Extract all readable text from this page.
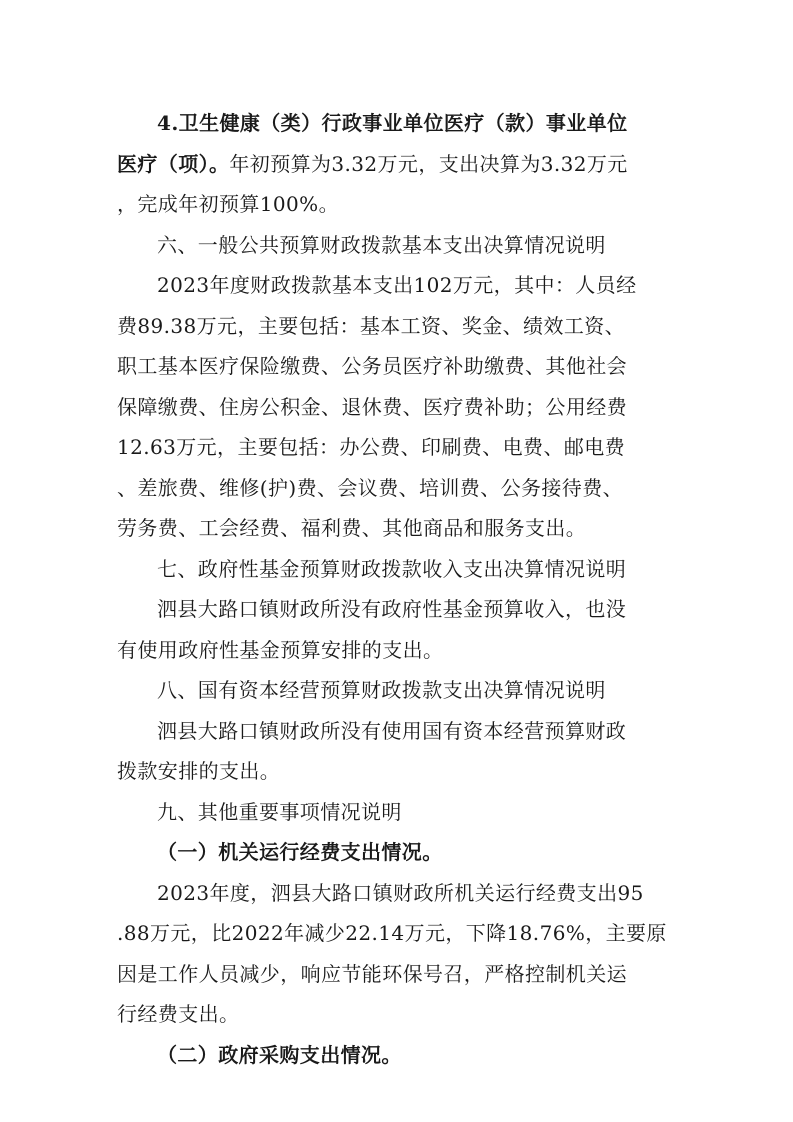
4.卫生健康（类）行政事业单位医疗（款）事业单位
医疗（项）。年初预算为3.32万元，支出决算为3.32万元
，完成年初预算100%。
六、一般公共预算财政拨款基本支出决算情况说明
2023年度财政拨款基本支出102万元，其中：人员经
费89.38万元，主要包括：基本工资、奖金、绩效工资、
职工基本医疗保险缴费、公务员医疗补助缴费、其他社会
保障缴费、住房公积金、退休费、医疗费补助；公用经费
12.63万元，主要包括：办公费、印刷费、电费、邮电费
、差旅费、维修(护)费、会议费、培训费、公务接待费、
劳务费、工会经费、福利费、其他商品和服务支出。
七、政府性基金预算财政拨款收入支出决算情况说明
泗县大路口镇财政所没有政府性基金预算收入，也没
有使用政府性基金预算安排的支出。
八、国有资本经营预算财政拨款支出决算情况说明
泗县大路口镇财政所没有使用国有资本经营预算财政
拨款安排的支出。
九、其他重要事项情况说明
（一）机关运行经费支出情况。
2023年度，泗县大路口镇财政所机关运行经费支出95
.88万元，比2022年减少22.14万元，下降18.76%，主要原
因是工作人员减少，响应节能环保号召，严格控制机关运
行经费支出。
（二）政府采购支出情况。
